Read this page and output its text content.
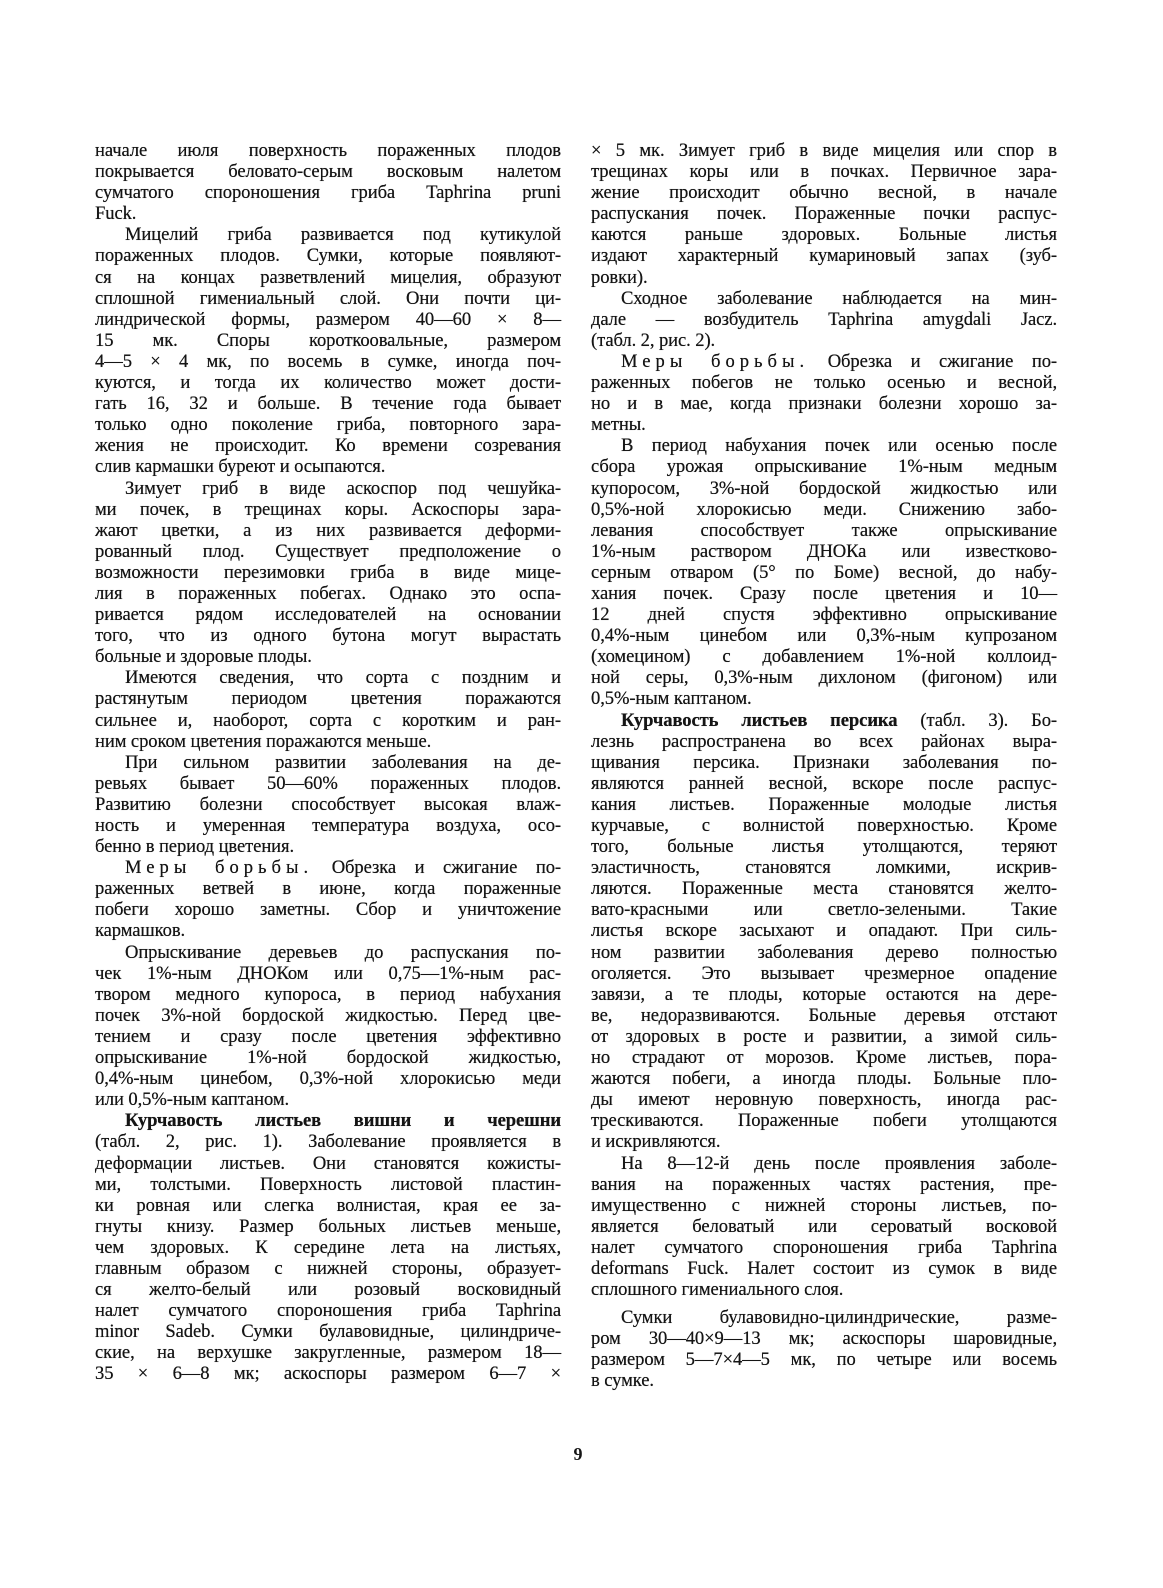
начале июля поверхность пораженных плодов
покрывается беловато-серым восковым налетом
сумчатого спороношения гриба Taphrina pruni
Fuck.
Мицелий гриба развивается под кутикулой
пораженных плодов. Сумки, которые появляют-
ся на концах разветвлений мицелия, образуют
сплошной гимениальный слой. Они почти ци-
линдрической формы, размером 40—60 × 8—
15 мк. Споры короткоовальные, размером
4—5 × 4 мк, по восемь в сумке, иногда поч-
куются, и тогда их количество может дости-
гать 16, 32 и больше. В течение года бывает
только одно поколение гриба, повторного зара-
жения не происходит. Ко времени созревания
слив кармашки буреют и осыпаются.
Зимует гриб в виде аскоспор под чешуйка-
ми почек, в трещинах коры. Аскоспоры зара-
жают цветки, а из них развивается деформи-
рованный плод. Существует предположение о
возможности перезимовки гриба в виде мице-
лия в пораженных побегах. Однако это оспа-
ривается рядом исследователей на основании
того, что из одного бутона могут вырастать
больные и здоровые плоды.
Имеются сведения, что сорта с поздним и
растянутым периодом цветения поражаются
сильнее и, наоборот, сорта с коротким и ран-
ним сроком цветения поражаются меньше.
При сильном развитии заболевания на де-
ревьях бывает 50—60% пораженных плодов.
Развитию болезни способствует высокая влаж-
ность и умеренная температура воздуха, осо-
бенно в период цветения.
Меры борьбы. Обрезка и сжигание по-
раженных ветвей в июне, когда пораженные
побеги хорошо заметны. Сбор и уничтожение
кармашков.
Опрыскивание деревьев до распускания по-
чек 1%-ным ДНОКом или 0,75—1%-ным рас-
твором медного купороса, в период набухания
почек 3%-ной бордоской жидкостью. Перед цве-
тением и сразу после цветения эффективно
опрыскивание 1%-ной бордоской жидкостью,
0,4%-ным цинебом, 0,3%-ной хлорокисью меди
или 0,5%-ным каптаном.
Курчавость листьев вишни и черешни
(табл. 2, рис. 1). Заболевание проявляется в
деформации листьев. Они становятся кожисты-
ми, толстыми. Поверхность листовой пластин-
ки ровная или слегка волнистая, края ее за-
гнуты книзу. Размер больных листьев меньше,
чем здоровых. К середине лета на листьях,
главным образом с нижней стороны, образует-
ся желто-белый или розовый восковидный
налет сумчатого спороношения гриба Taphrina
minor Sadeb. Сумки булавовидные, цилиндриче-
ские, на верхушке закругленные, размером 18—
35 × 6—8 мк; аскоспоры размером 6—7 ×
× 5 мк. Зимует гриб в виде мицелия или спор в
трещинах коры или в почках. Первичное зара-
жение происходит обычно весной, в начале
распускания почек. Пораженные почки распус-
каются раньше здоровых. Больные листья
издают характерный кумариновый запах (зуб-
ровки).
Сходное заболевание наблюдается на мин-
дале — возбудитель Taphrina amygdali Jacz.
(табл. 2, рис. 2).
Меры борьбы. Обрезка и сжигание по-
раженных побегов не только осенью и весной,
но и в мае, когда признаки болезни хорошо за-
метны.
В период набухания почек или осенью после
сбора урожая опрыскивание 1%-ным медным
купоросом, 3%-ной бордоской жидкостью или
0,5%-ной хлорокисью меди. Снижению забо-
левания способствует также опрыскивание
1%-ным раствором ДНОКа или известково-
серным отваром (5° по Боме) весной, до набу-
хания почек. Сразу после цветения и 10—
12 дней спустя эффективно опрыскивание
0,4%-ным цинебом или 0,3%-ным купрозаном
(хомецином) с добавлением 1%-ной коллоид-
ной серы, 0,3%-ным дихлоном (фигоном) или
0,5%-ным каптаном.
Курчавость листьев персика (табл. 3). Бо-
лезнь распространена во всех районах выра-
щивания персика. Признаки заболевания по-
являются ранней весной, вскоре после распус-
кания листьев. Пораженные молодые листья
курчавые, с волнистой поверхностью. Кроме
того, больные листья утолщаются, теряют
эластичность, становятся ломкими, искрив-
ляются. Пораженные места становятся желто-
вато-красными или светло-зелеными. Такие
листья вскоре засыхают и опадают. При силь-
ном развитии заболевания дерево полностью
оголяется. Это вызывает чрезмерное опадение
завязи, а те плоды, которые остаются на дере-
ве, недоразвиваются. Больные деревья отстают
от здоровых в росте и развитии, а зимой силь-
но страдают от морозов. Кроме листьев, пора-
жаются побеги, а иногда плоды. Больные пло-
ды имеют неровную поверхность, иногда рас-
трескиваются. Пораженные побеги утолщаются
и искривляются.
На 8—12-й день после проявления заболе-
вания на пораженных частях растения, пре-
имущественно с нижней стороны листьев, по-
является беловатый или сероватый восковой
налет сумчатого спороношения гриба Taphrina
deformans Fuck. Налет состоит из сумок в виде
сплошного гимениального слоя.
Сумки булавовидно-цилиндрические, разме-
ром 30—40×9—13 мк; аскоспоры шаровидные,
размером 5—7×4—5 мк, по четыре или восемь
в сумке.
9
